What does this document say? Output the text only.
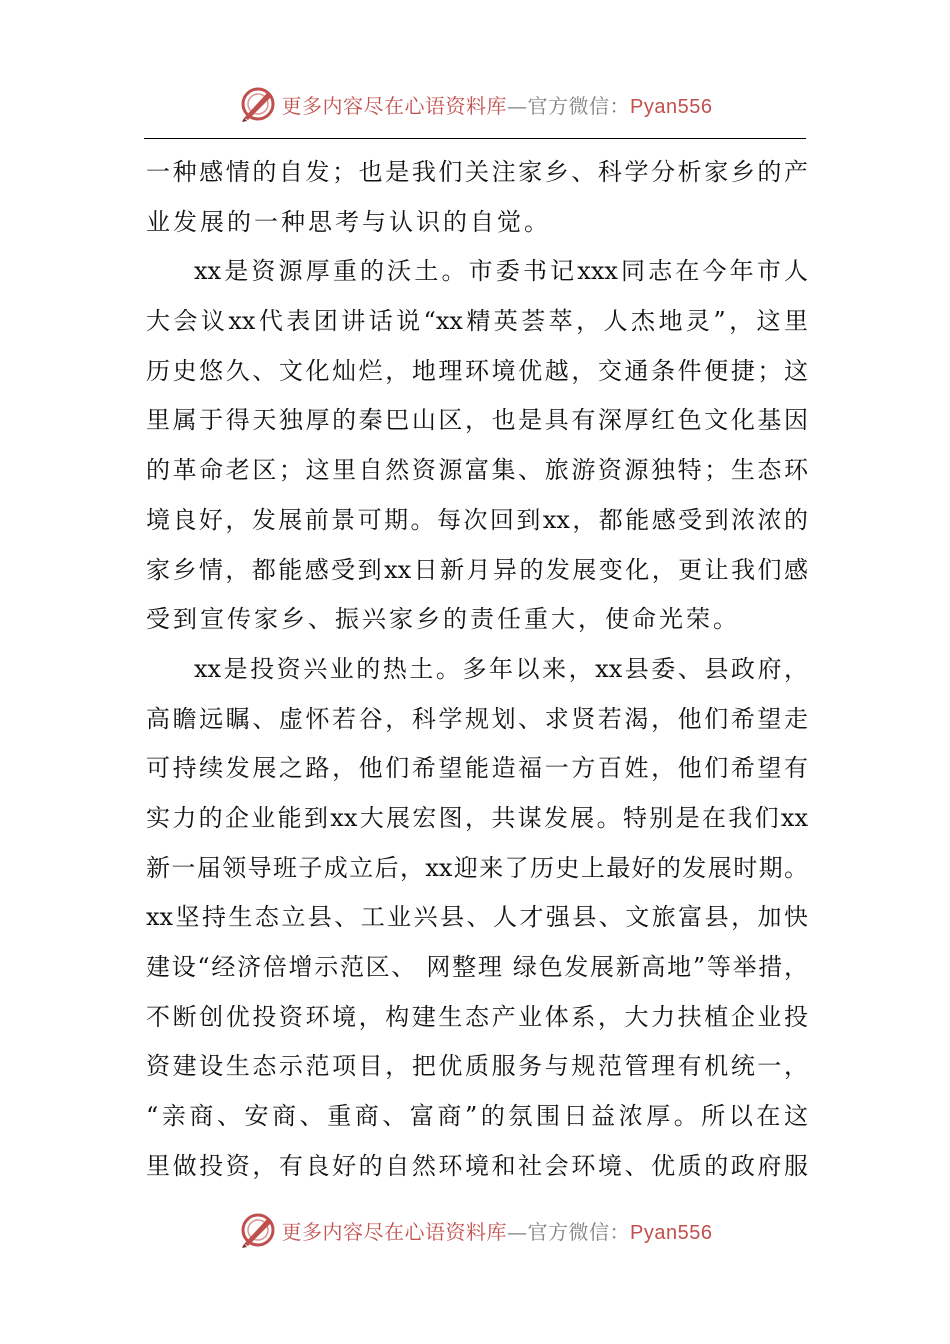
更多内容尽在心语资料库—官方微信：Pyan556
一种感情的自发；也是我们关注家乡、科学分析家乡的产
业发展的一种思考与认识的自觉。
xx是资源厚重的沃土。市委书记xxx同志在今年市人
大会议xx代表团讲话说“xx精英荟萃，人杰地灵”，这里
历史悠久、文化灿烂，地理环境优越，交通条件便捷；这
里属于得天独厚的秦巴山区，也是具有深厚红色文化基因
的革命老区；这里自然资源富集、旅游资源独特；生态环
境良好，发展前景可期。每次回到xx，都能感受到浓浓的
家乡情，都能感受到xx日新月异的发展变化，更让我们感
受到宣传家乡、振兴家乡的责任重大，使命光荣。
xx是投资兴业的热土。多年以来，xx县委、县政府，
高瞻远瞩、虚怀若谷，科学规划、求贤若渴，他们希望走
可持续发展之路，他们希望能造福一方百姓，他们希望有
实力的企业能到xx大展宏图，共谋发展。特别是在我们xx
新一届领导班子成立后，xx迎来了历史上最好的发展时期。
xx坚持生态立县、工业兴县、人才强县、文旅富县，加快
建设“经济倍增示范区、 网整理 绿色发展新高地”等举措，
不断创优投资环境，构建生态产业体系，大力扶植企业投
资建设生态示范项目，把优质服务与规范管理有机统一，
“亲商、安商、重商、富商”的氛围日益浓厚。所以在这
里做投资，有良好的自然环境和社会环境、优质的政府服
更多内容尽在心语资料库—官方微信：Pyan556
